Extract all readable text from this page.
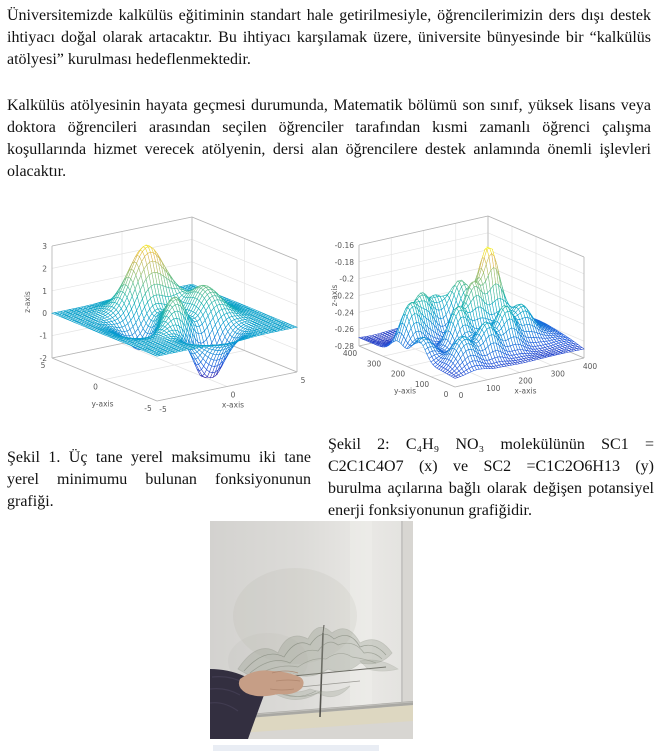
Üniversitemizde kalkülüs eğitiminin standart hale getirilmesiyle, öğrencilerimizin ders dışı destek ihtiyacı doğal olarak artacaktır. Bu ihtiyacı karşılamak üzere, üniversite bünyesinde bir “kalkülüs atölyesi” kurulması hedeflenmektedir.

Kalkülüs atölyesinin hayata geçmesi durumunda, Matematik bölümü son sınıf, yüksek lisans veya doktora öğrencileri arasından seçilen öğrenciler tarafından kısmi zamanlı öğrenci çalışma koşullarında hizmet verecek atölyenin, dersi alan öğrencilere destek anlamında önemli işlevleri olacaktır.

Şekil 1. Üç tane yerel maksimumu iki tane yerel minimumu bulunan fonksiyonunun grafiği.

Şekil 2: C₄H₉ NO₃ molekülünün SC1 = C2C1C4O7 (x) ve SC2 =C1C2O6H13 (y) burulma açılarına bağlı olarak değişen potansiyel enerji fonksiyonunun grafiğidir.
